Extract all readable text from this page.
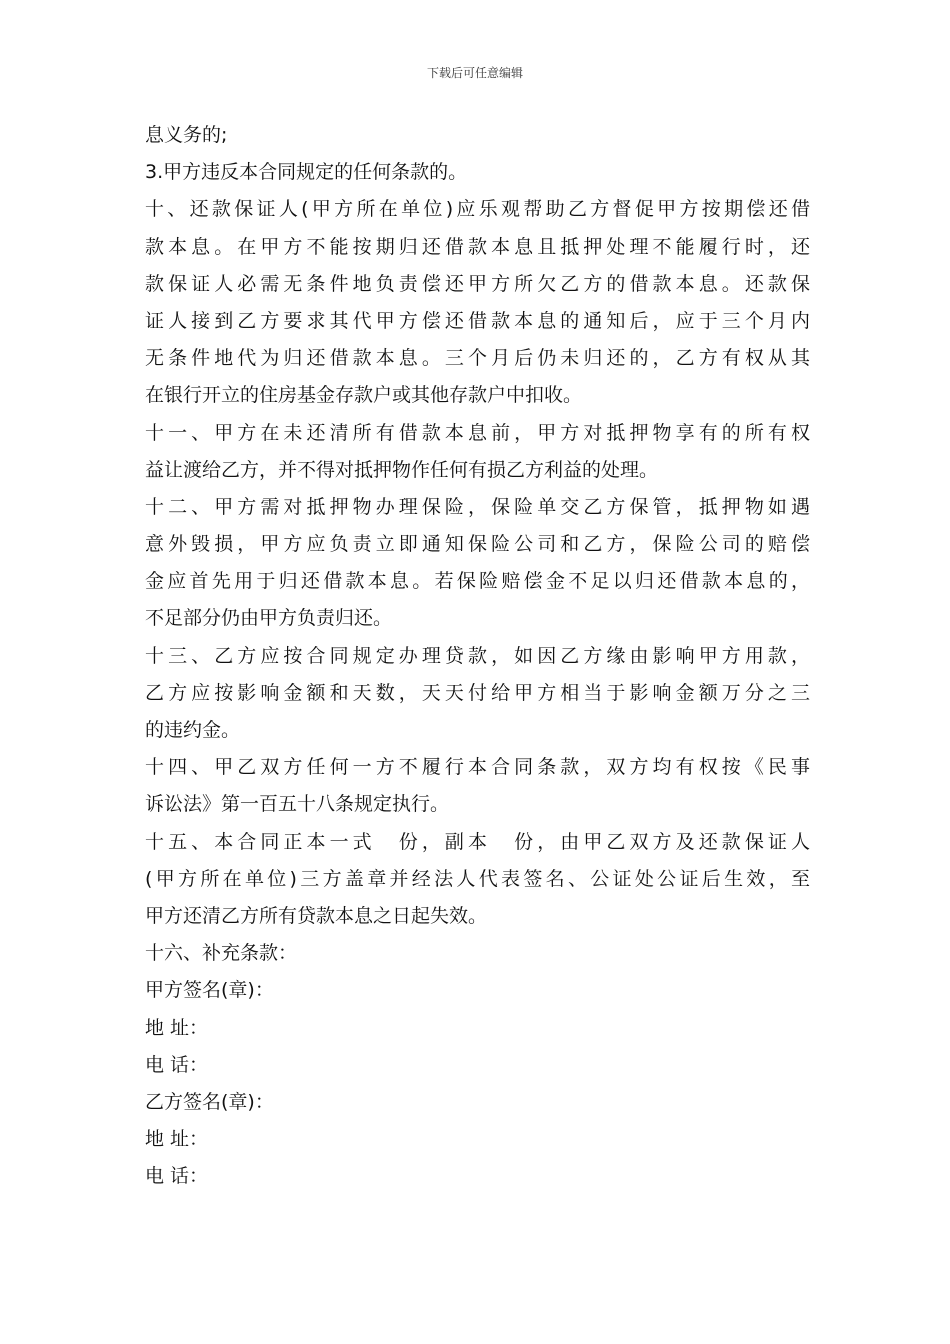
下载后可任意编辑
息义务的;
3.甲方违反本合同规定的任何条款的。
十、还款保证人(甲方所在单位)应乐观帮助乙方督促甲方按期偿还借
款本息。在甲方不能按期归还借款本息且抵押处理不能履行时，还
款保证人必需无条件地负责偿还甲方所欠乙方的借款本息。还款保
证人接到乙方要求其代甲方偿还借款本息的通知后，应于三个月内
无条件地代为归还借款本息。三个月后仍未归还的，乙方有权从其
在银行开立的住房基金存款户或其他存款户中扣收。
十一、甲方在未还清所有借款本息前，甲方对抵押物享有的所有权
益让渡给乙方，并不得对抵押物作任何有损乙方利益的处理。
十二、甲方需对抵押物办理保险，保险单交乙方保管，抵押物如遇
意外毁损，甲方应负责立即通知保险公司和乙方，保险公司的赔偿
金应首先用于归还借款本息。若保险赔偿金不足以归还借款本息的，
不足部分仍由甲方负责归还。
十三、乙方应按合同规定办理贷款，如因乙方缘由影响甲方用款，
乙方应按影响金额和天数，天天付给甲方相当于影响金额万分之三
的违约金。
十四、甲乙双方任何一方不履行本合同条款，双方均有权按《民事
诉讼法》第一百五十八条规定执行。
十五、本合同正本一式　份，副本　份，由甲乙双方及还款保证人
(甲方所在单位)三方盖章并经法人代表签名、公证处公证后生效，至
甲方还清乙方所有贷款本息之日起失效。
十六、补充条款：
甲方签名(章)：
地 址：
电 话：
乙方签名(章)：
地 址：
电 话：
